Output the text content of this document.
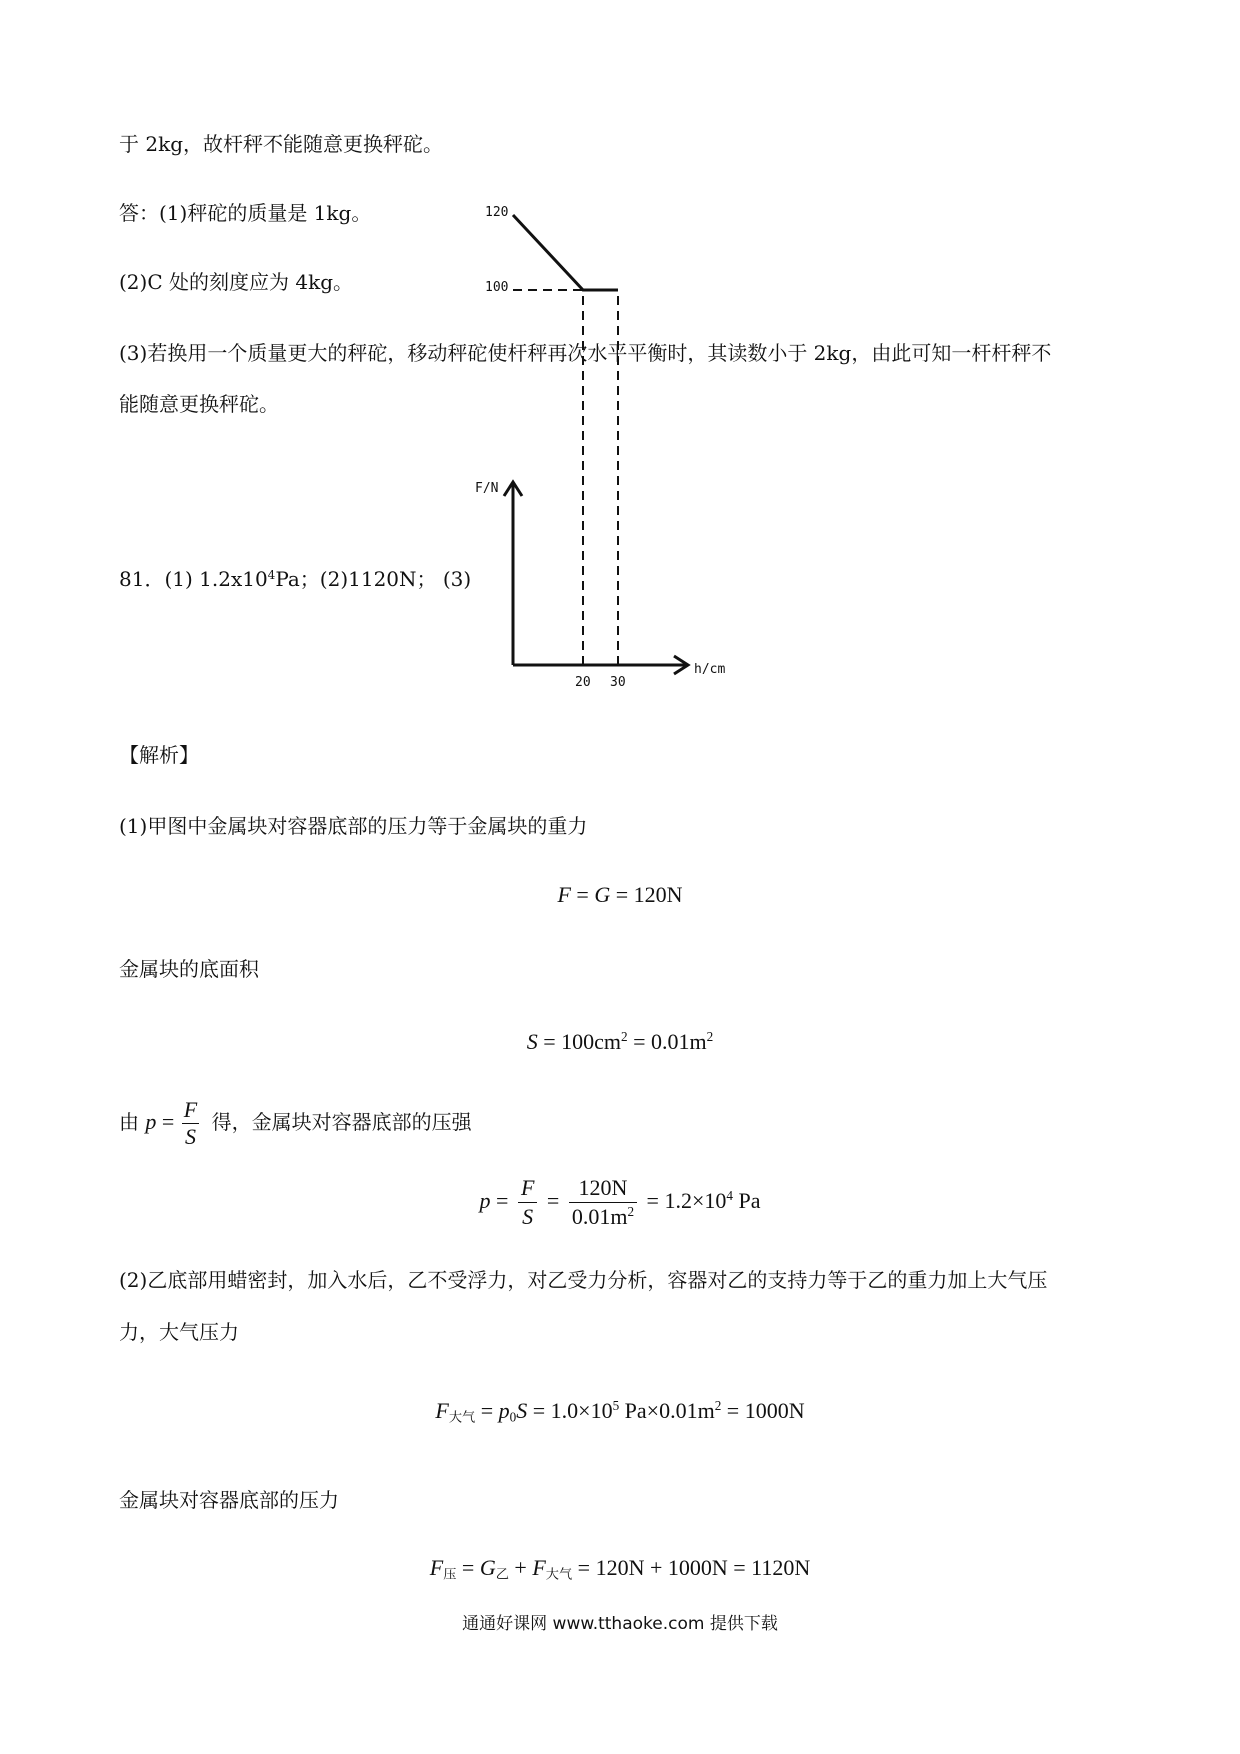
于 2kg，故杆秤不能随意更换秤砣。
答：(1)秤砣的质量是 1kg。
(2)C 处的刻度应为 4kg。
(3)若换用一个质量更大的秤砣，移动秤砣使杆秤再次水平平衡时，其读数小于 2kg，由此可知一杆杆秤不
能随意更换秤砣。
81．(1) $1.2x10^4Pa$；(2)1120N； (3)
F/N
h/cm
120
100
20 30
【解析】
(1)甲图中金属块对容器底部的压力等于金属块的重力
F = G = 120N
金属块的底面积
$S = 100cm^2 = 0.01m^2$
由 $p = \frac{F}{S}$ 得，金属块对容器底部的压强
$p = \frac{F}{S} = \frac{120N}{0.01m^2} = 1.2\times 10^4$ Pa
(2)乙底部用蜡密封，加入水后，乙不受浮力，对乙受力分析，容器对乙的支持力等于乙的重力加上大气压
力，大气压力
$F_{大气} = p_0S = 1.0\times 10^5$ $Pa\times 0.01m^2 = 1000N$
金属块对容器底部的压力
$F_压 = G_乙 + F_{大气} = 120N + 1000N = 1120N$
通通好课网 www.tthaoke.com 提供下载
